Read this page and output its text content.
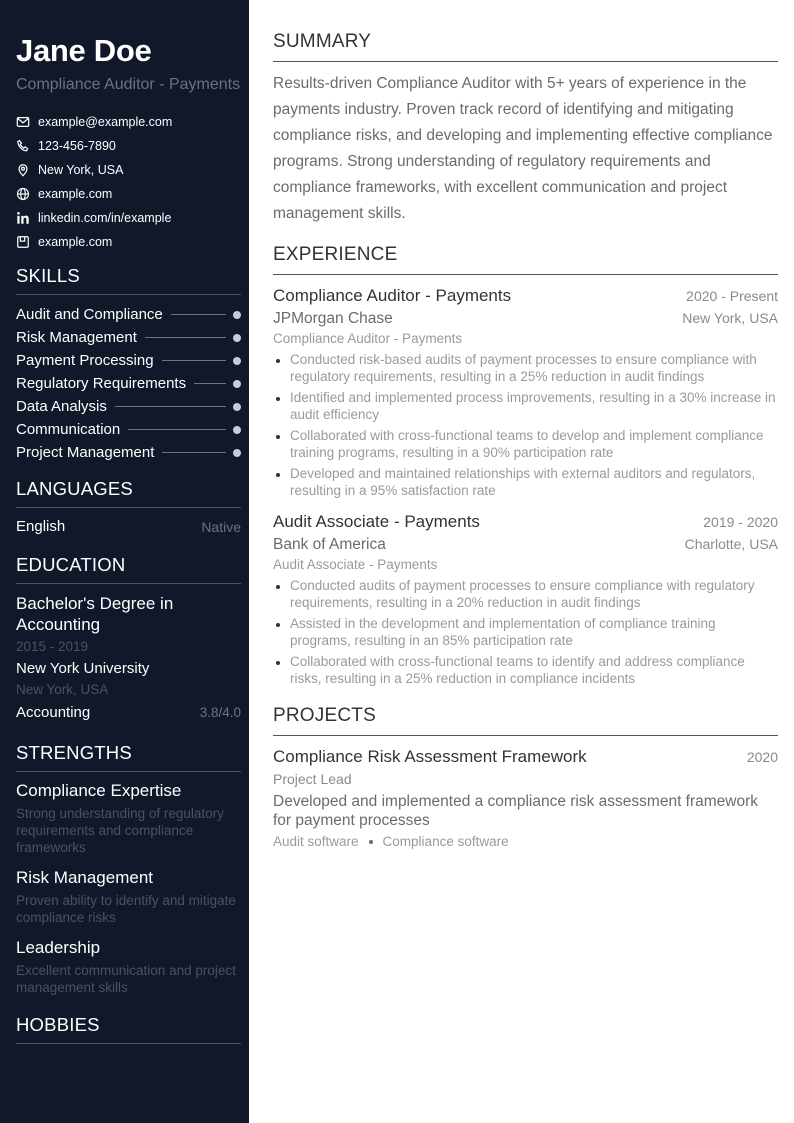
Jane Doe
Compliance Auditor - Payments
example@example.com
123-456-7890
New York, USA
example.com
linkedin.com/in/example
example.com
SKILLS
Audit and Compliance
Risk Management
Payment Processing
Regulatory Requirements
Data Analysis
Communication
Project Management
LANGUAGES
English	Native
EDUCATION
Bachelor's Degree in Accounting
2015 - 2019
New York University
New York, USA
Accounting	3.8/4.0
STRENGTHS
Compliance Expertise
Strong understanding of regulatory requirements and compliance frameworks
Risk Management
Proven ability to identify and mitigate compliance risks
Leadership
Excellent communication and project management skills
HOBBIES
SUMMARY
Results-driven Compliance Auditor with 5+ years of experience in the payments industry. Proven track record of identifying and mitigating compliance risks, and developing and implementing effective compliance programs. Strong understanding of regulatory requirements and compliance frameworks, with excellent communication and project management skills.
EXPERIENCE
Compliance Auditor - Payments	2020 - Present
JPMorgan Chase	New York, USA
Compliance Auditor - Payments
Conducted risk-based audits of payment processes to ensure compliance with regulatory requirements, resulting in a 25% reduction in audit findings
Identified and implemented process improvements, resulting in a 30% increase in audit efficiency
Collaborated with cross-functional teams to develop and implement compliance training programs, resulting in a 90% participation rate
Developed and maintained relationships with external auditors and regulators, resulting in a 95% satisfaction rate
Audit Associate - Payments	2019 - 2020
Bank of America	Charlotte, USA
Audit Associate - Payments
Conducted audits of payment processes to ensure compliance with regulatory requirements, resulting in a 20% reduction in audit findings
Assisted in the development and implementation of compliance training programs, resulting in an 85% participation rate
Collaborated with cross-functional teams to identify and address compliance risks, resulting in a 25% reduction in compliance incidents
PROJECTS
Compliance Risk Assessment Framework	2020
Project Lead
Developed and implemented a compliance risk assessment framework for payment processes
Audit software Compliance software
